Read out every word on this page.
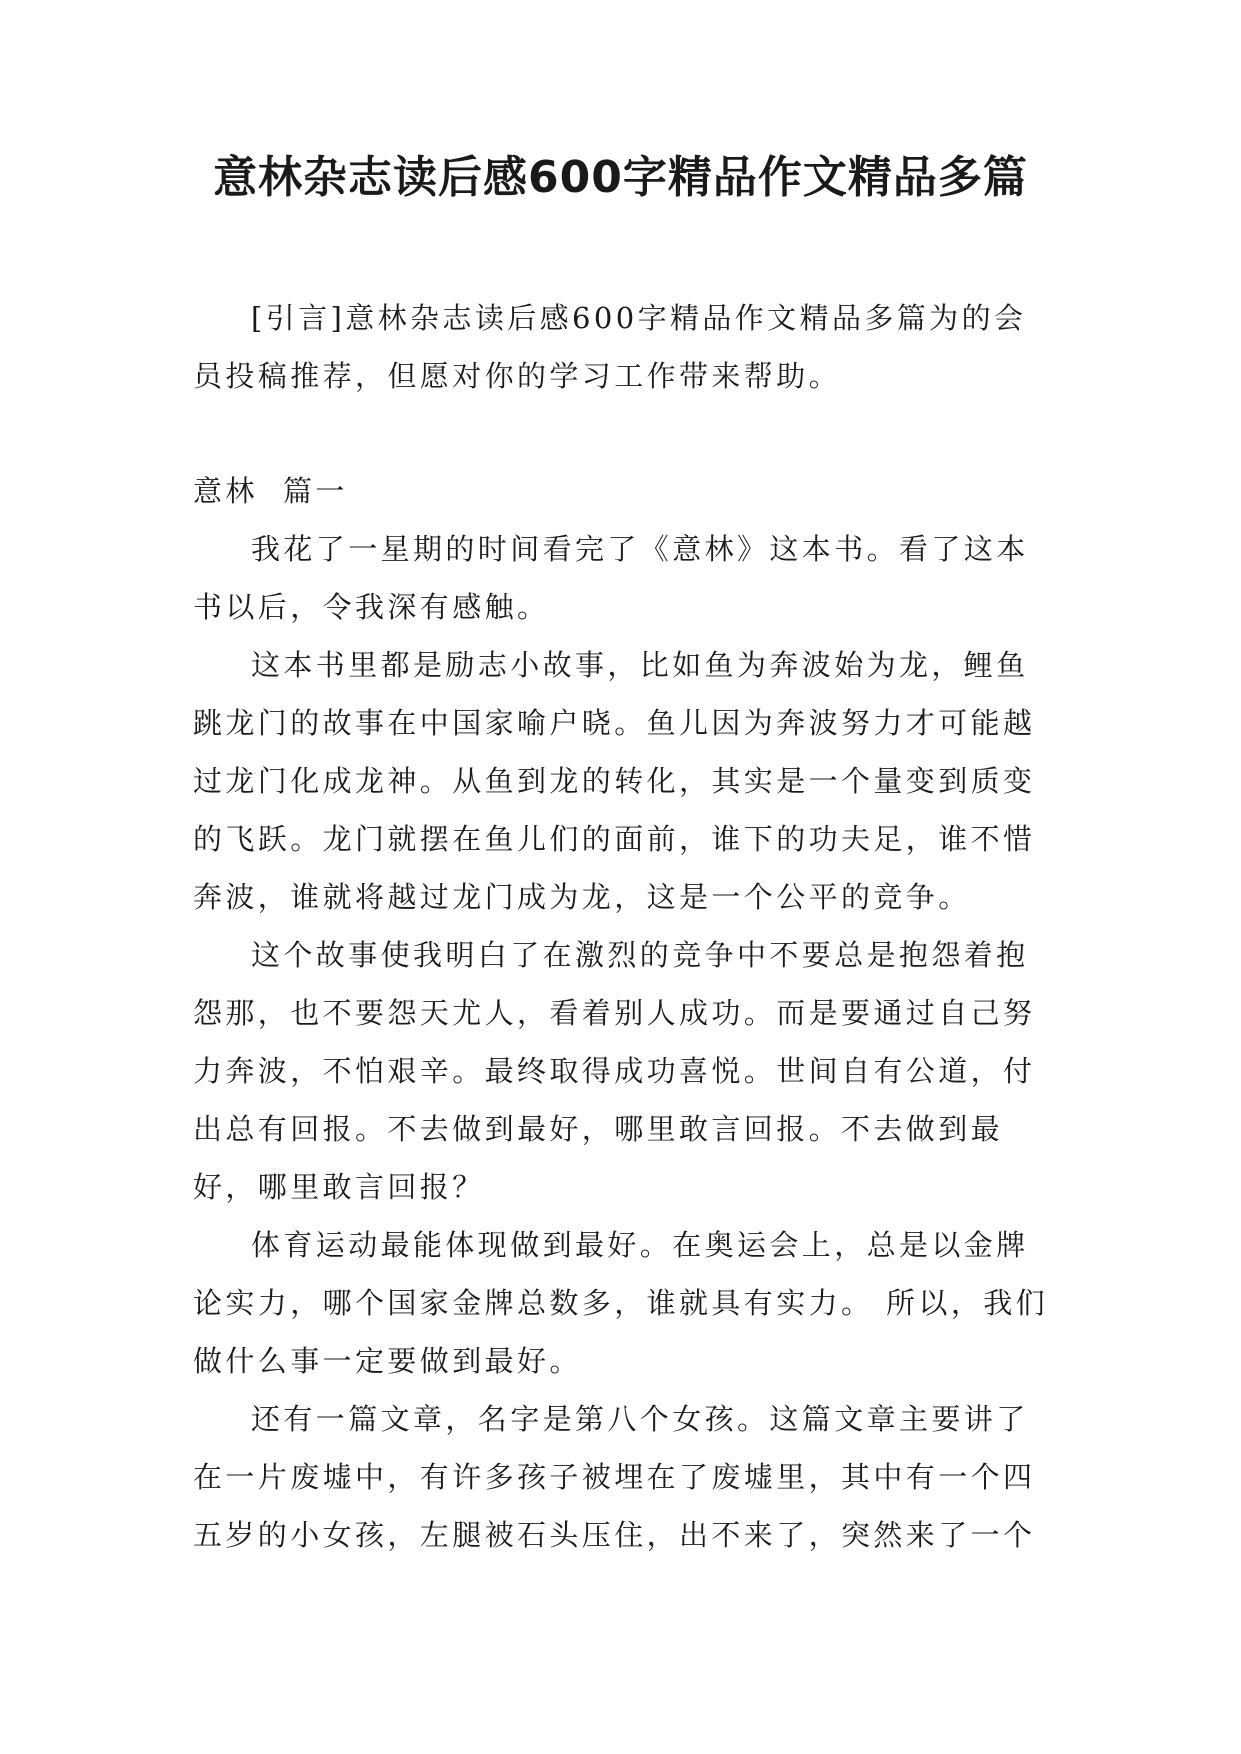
意林杂志读后感600字精品作文精品多篇

[引言]意林杂志读后感600字精品作文精品多篇为的会员投稿推荐，但愿对你的学习工作带来帮助。

意林  篇一

我花了一星期的时间看完了《意林》这本书。看了这本书以后，令我深有感触。

这本书里都是励志小故事，比如鱼为奔波始为龙，鲤鱼跳龙门的故事在中国家喻户晓。鱼儿因为奔波努力才可能越过龙门化成龙神。从鱼到龙的转化，其实是一个量变到质变的飞跃。龙门就摆在鱼儿们的面前，谁下的功夫足，谁不惜奔波，谁就将越过龙门成为龙，这是一个公平的竞争。

这个故事使我明白了在激烈的竞争中不要总是抱怨着抱怨那，也不要怨天尤人，看着别人成功。而是要通过自己努力奔波，不怕艰辛。最终取得成功喜悦。世间自有公道，付出总有回报。不去做到最好，哪里敢言回报。不去做到最好，哪里敢言回报？

体育运动最能体现做到最好。在奥运会上，总是以金牌论实力，哪个国家金牌总数多，谁就具有实力。 所以，我们做什么事一定要做到最好。

还有一篇文章，名字是第八个女孩。这篇文章主要讲了在一片废墟中，有许多孩子被埋在了废墟里，其中有一个四五岁的小女孩，左腿被石头压住，出不来了，突然来了一个
